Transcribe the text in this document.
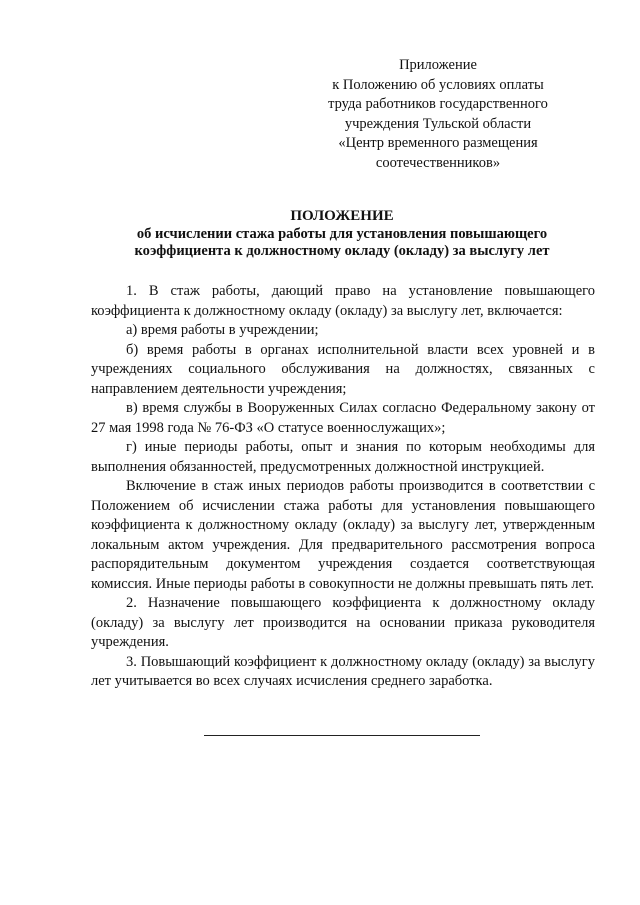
Приложение
к Положению об условиях оплаты
труда работников государственного
учреждения Тульской области
«Центр временного размещения
соотечественников»
ПОЛОЖЕНИЕ
об исчислении стажа работы для установления повышающего
коэффициента к должностному окладу (окладу) за выслугу лет

1. В стаж работы, дающий право на установление повышающего коэффициента к должностному окладу (окладу) за выслугу лет, включается:

а) время работы в учреждении;

б) время работы в органах исполнительной власти всех уровней и в учреждениях социального обслуживания на должностях, связанных с направлением деятельности учреждения;

в) время службы в Вооруженных Силах согласно Федеральному закону от 27 мая 1998 года № 76-ФЗ «О статусе военнослужащих»;

г) иные периоды работы, опыт и знания по которым необходимы для выполнения обязанностей, предусмотренных должностной инструкцией.

Включение в стаж иных периодов работы производится в соответствии с Положением об исчислении стажа работы для установления повышающего коэффициента к должностному окладу (окладу) за выслугу лет, утвержденным локальным актом учреждения. Для предварительного рассмотрения вопроса распорядительным документом учреждения создается соответствующая комиссия. Иные периоды работы в совокупности не должны превышать пять лет.

2. Назначение повышающего коэффициента к должностному окладу (окладу) за выслугу лет производится на основании приказа руководителя учреждения.

3. Повышающий коэффициент к должностному окладу (окладу) за выслугу лет учитывается во всех случаях исчисления среднего заработка.
